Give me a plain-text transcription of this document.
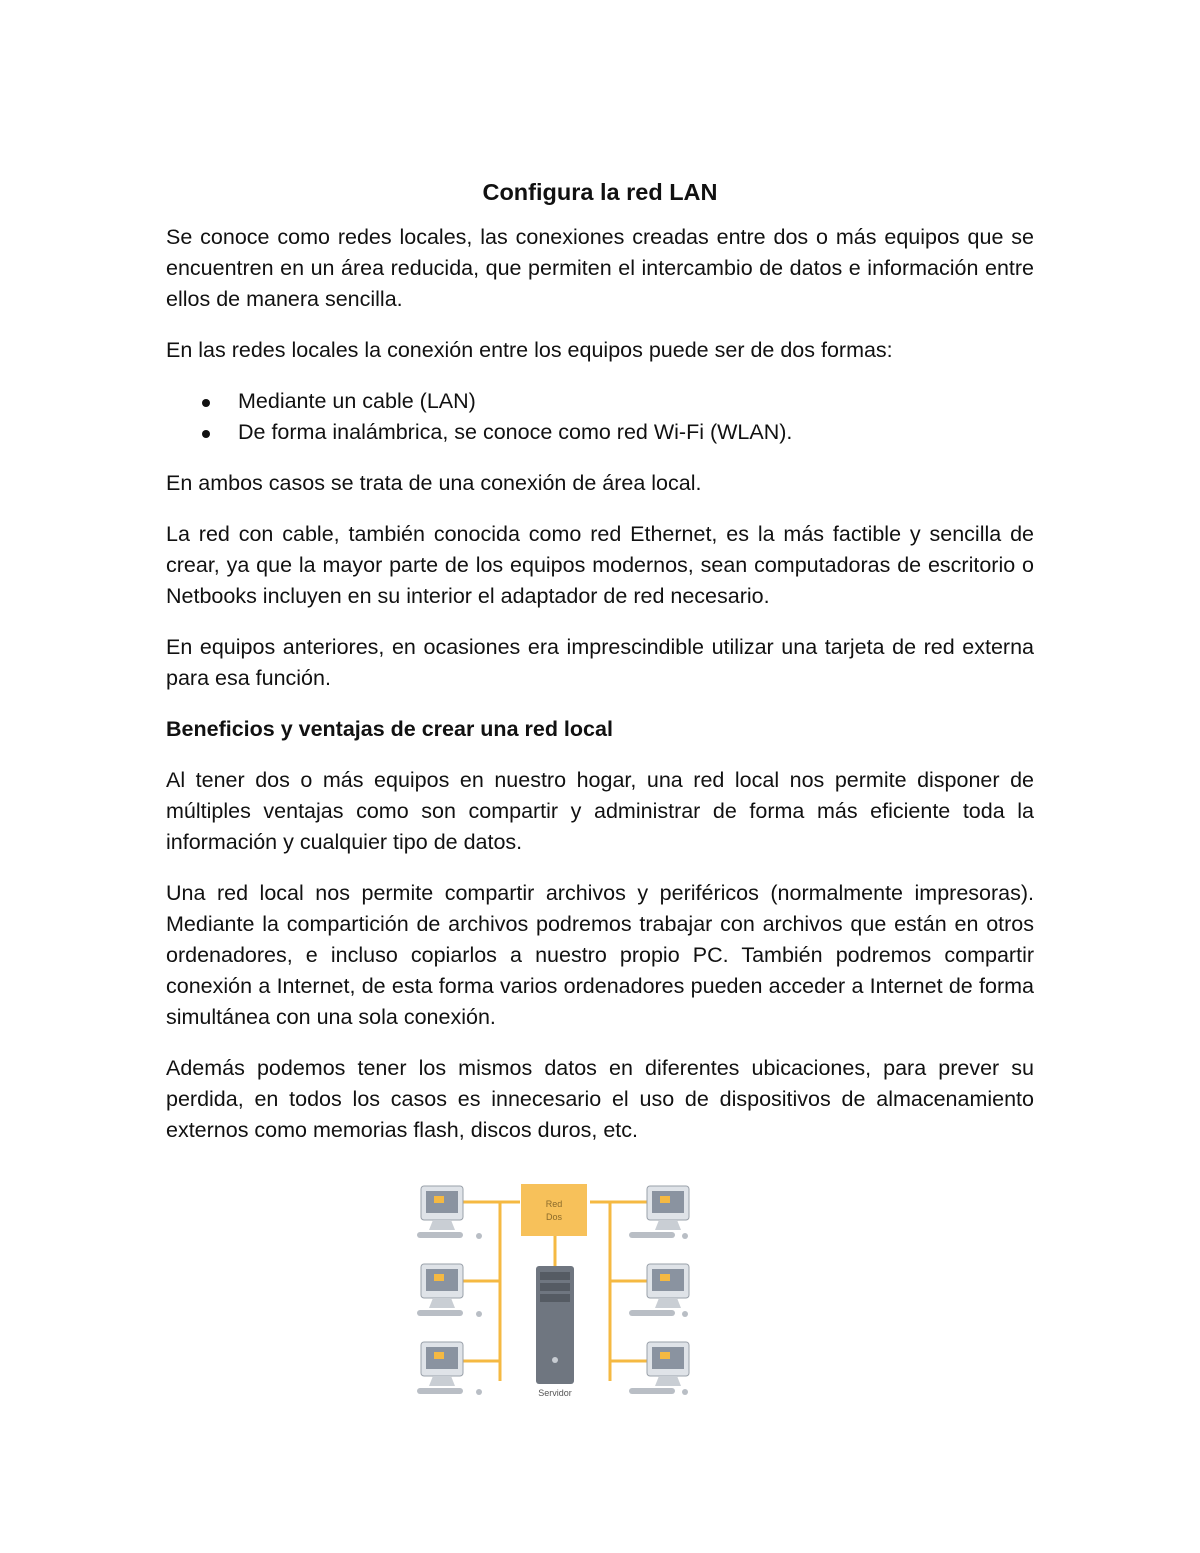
Configura la red LAN

Se conoce como redes locales, las conexiones creadas entre dos o más equipos que se encuentren en un área reducida, que permiten el intercambio de datos e información entre ellos de manera sencilla.

En las redes locales la conexión entre los equipos puede ser de dos formas:

Mediante un cable (LAN)
De forma inalámbrica, se conoce como red Wi-Fi (WLAN).

En ambos casos se trata de una conexión de área local.

La red con cable, también conocida como red Ethernet, es la más factible y sencilla de crear, ya que la mayor parte de los equipos modernos, sean computadoras de escritorio o Netbooks incluyen en su interior el adaptador de red necesario.

En equipos anteriores, en ocasiones era imprescindible utilizar una tarjeta de red externa para esa función.

Beneficios y ventajas de crear una red local

Al tener dos o más equipos en nuestro hogar, una red local nos permite disponer de múltiples ventajas como son compartir y administrar de forma más eficiente toda la información y cualquier tipo de datos.

Una red local nos permite compartir archivos y periféricos (normalmente impresoras). Mediante la compartición de archivos podremos trabajar con archivos que están en otros ordenadores, e incluso copiarlos a nuestro propio PC. También podremos compartir conexión a Internet, de esta forma varios ordenadores pueden acceder a Internet de forma simultánea con una sola conexión.

Además podemos tener los mismos datos en diferentes ubicaciones, para prever su perdida, en todos los casos es innecesario el uso de dispositivos de almacenamiento externos como memorias flash, discos duros, etc.

Red
Dos
Servidor
